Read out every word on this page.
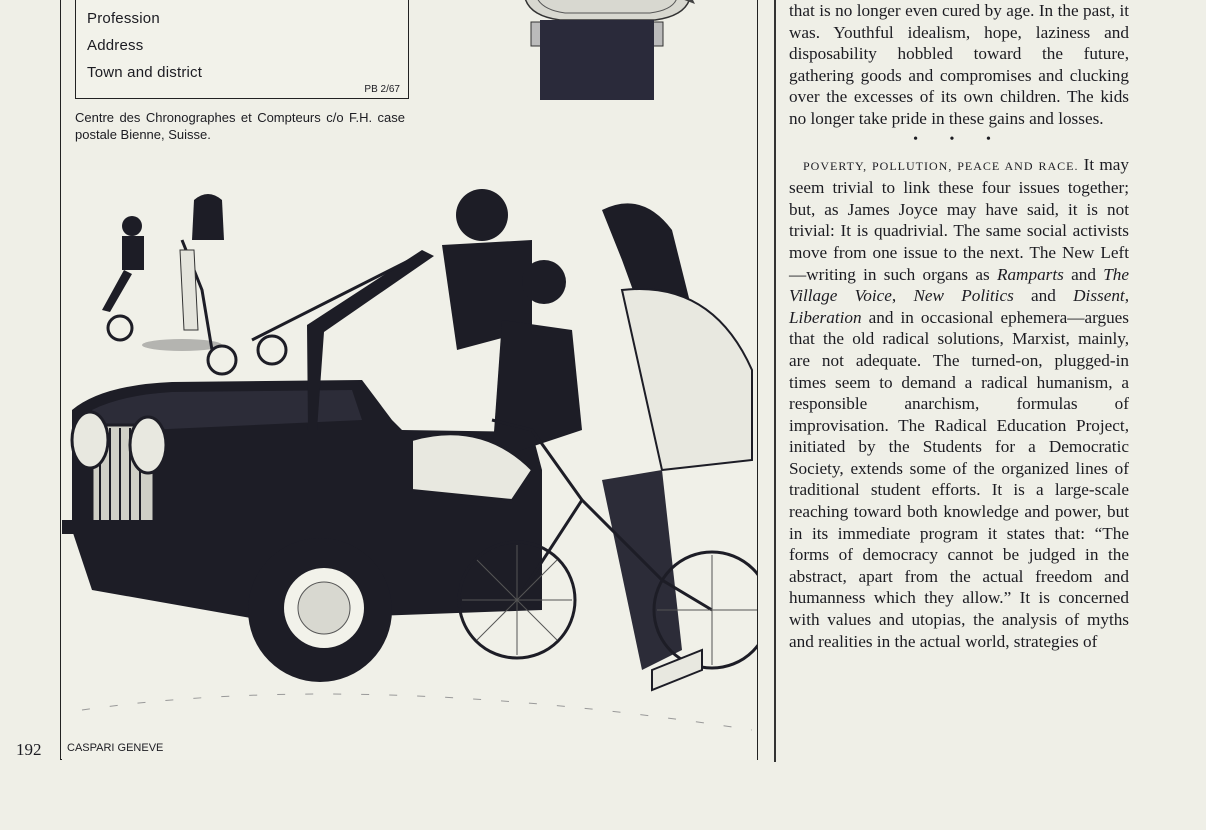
Profession
Address
Town and district
PB 2/67
Centre des Chronographes et Compteurs c/o F.H. case postale Bienne, Suisse.
CASPARI GENEVE
192

that is no longer even cured by age. In the past, it was. Youthful idealism, hope, laziness and disposability hobbled toward the future, gathering goods and compromises and clucking over the excesses of its own children. The kids no longer take pride in these gains and losses.

• • •

POVERTY, POLLUTION, PEACE AND RACE. It may seem trivial to link these four issues together; but, as James Joyce may have said, it is not trivial: It is quadrivial. The same social activists move from one issue to the next. The New Left—writing in such organs as Ramparts and The Village Voice, New Politics and Dissent, Liberation and in occasional ephemera—argues that the old radical solutions, Marxist, mainly, are not adequate. The turned-on, plugged-in times seem to demand a radical humanism, a responsible anarchism, formulas of improvisation. The Radical Education Project, initiated by the Students for a Democratic Society, extends some of the organized lines of traditional student efforts. It is a large-scale reaching toward both knowledge and power, but in its immediate program it states that: “The forms of democracy cannot be judged in the abstract, apart from the actual freedom and humanness which they allow.” It is concerned with values and utopias, the analysis of myths and realities in the actual world, strategies of
